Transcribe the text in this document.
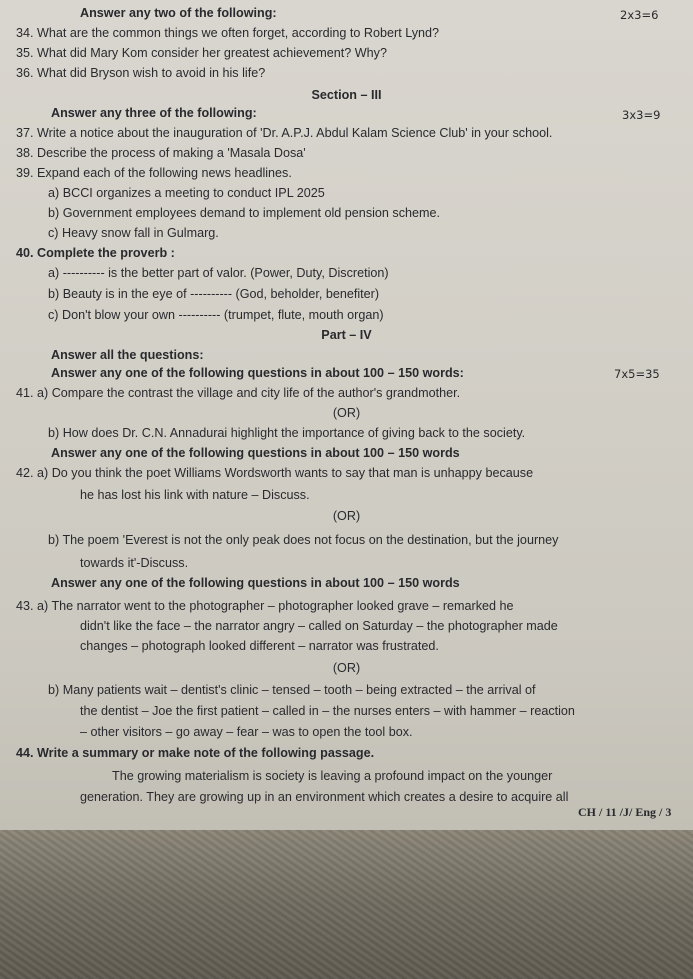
Answer any two of the following:	2x3=6
34. What are the common things we often forget, according to Robert Lynd?
35. What did Mary Kom consider her greatest achievement? Why?
36. What did Bryson wish to avoid in his life?
Section – III
Answer any three of the following:	3x3=9
37. Write a notice about the inauguration of 'Dr. A.P.J. Abdul Kalam Science Club' in your school.
38. Describe the process of making a 'Masala Dosa'
39. Expand each of the following news headlines.
a) BCCI organizes a meeting to conduct IPL 2025
b) Government employees demand to implement old pension scheme.
c) Heavy snow fall in Gulmarg.
40. Complete the proverb :
a) ---------- is the better part of valor. (Power, Duty, Discretion)
b) Beauty is in the eye of ---------- (God, beholder, benefiter)
c) Don't blow your own ---------- (trumpet, flute, mouth organ)
Part – IV
Answer all the questions:
Answer any one of the following questions in about 100 – 150 words:	7x5=35
41. a) Compare the contrast the village and city life of the author's grandmother.
(OR)
b) How does Dr. C.N. Annadurai highlight the importance of giving back to the society.
Answer any one of the following questions in about 100 – 150 words
42. a) Do you think the poet Williams Wordsworth wants to say that man is unhappy because
he has lost his link with nature – Discuss.
(OR)
b) The poem 'Everest is not the only peak does not focus on the destination, but the journey
towards it'-Discuss.
Answer any one of the following questions in about 100 – 150 words
43. a) The narrator went to the photographer – photographer looked grave – remarked he
didn't like the face – the narrator angry – called on Saturday – the photographer made
changes – photograph looked different – narrator was frustrated.
(OR)
b) Many patients wait – dentist's clinic – tensed – tooth – being extracted – the arrival of
the dentist – Joe the first patient – called in – the nurses enters – with hammer – reaction
– other visitors – go away – fear – was to open the tool box.
44. Write a summary or make note of the following passage.
The growing materialism is society is leaving a profound impact on the younger
generation. They are growing up in an environment which creates a desire to acquire all
CH / 11 /J/ Eng / 3
